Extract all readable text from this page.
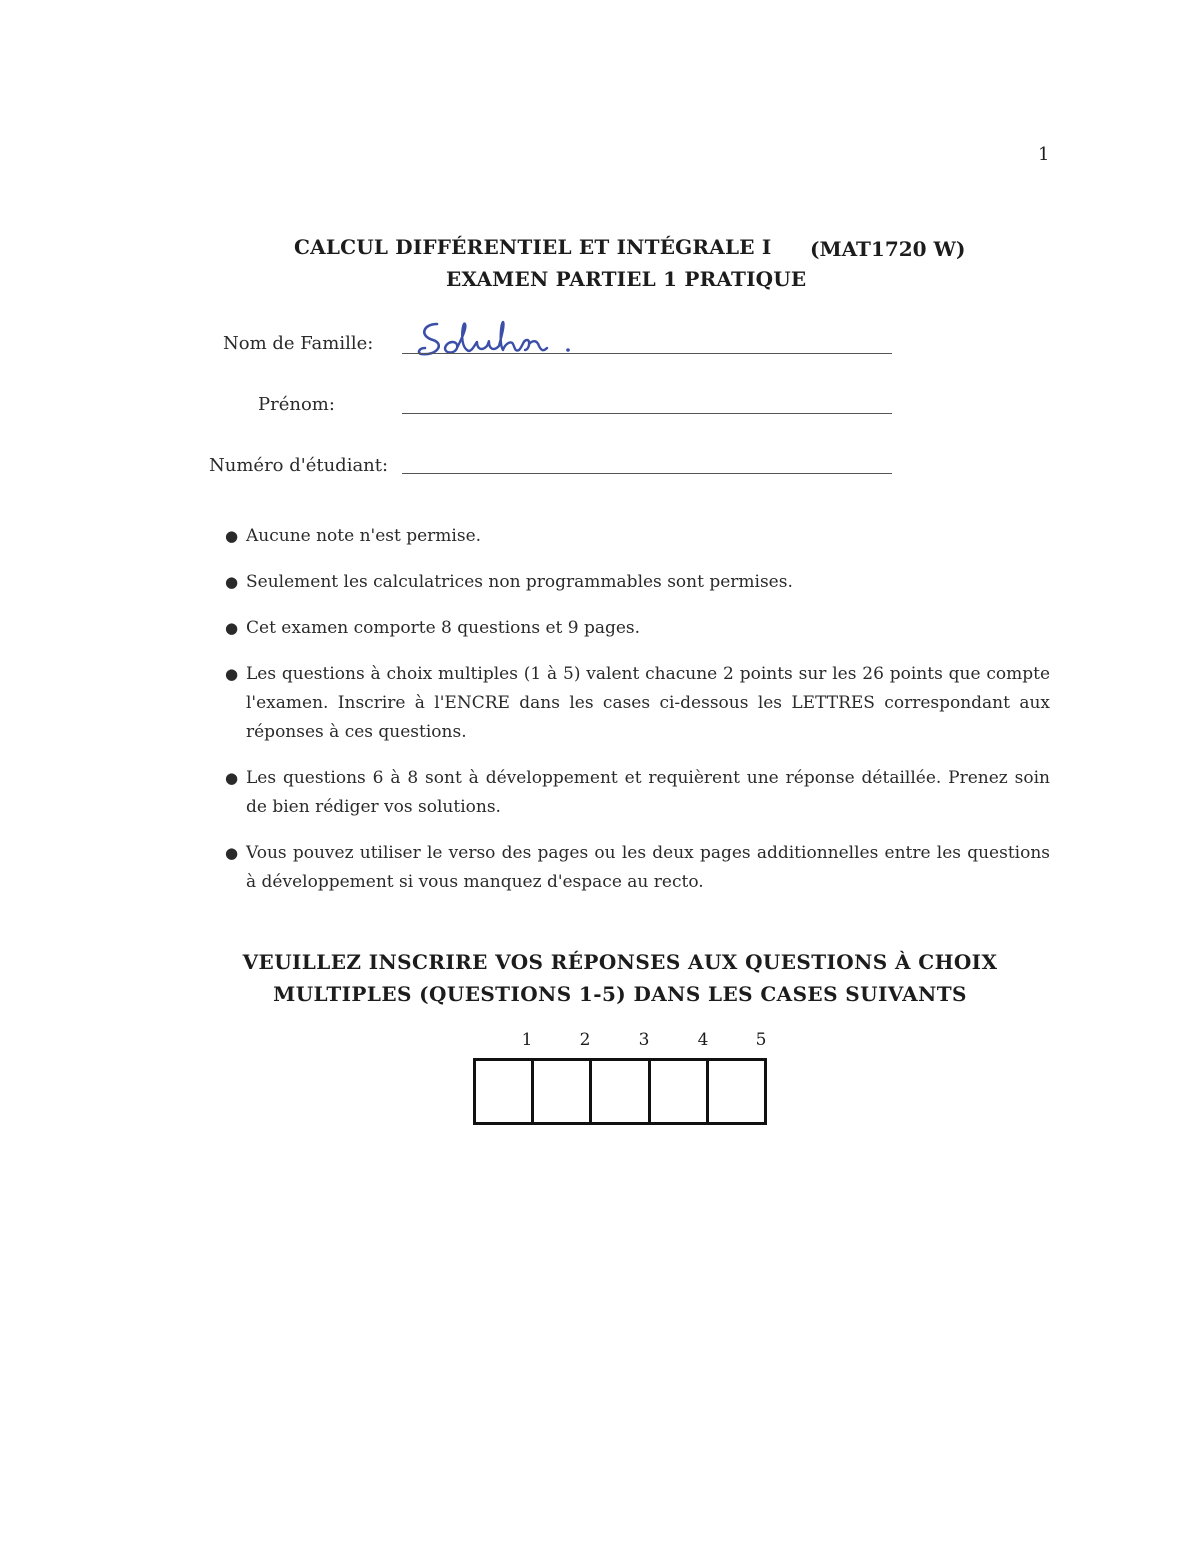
1
CALCUL DIFFÉRENTIEL ET INTÉGRALE I (MAT1720 W)
EXAMEN PARTIEL 1 PRATIQUE
Nom de Famille:
Prénom:
Numéro d'étudiant:
● Aucune note n'est permise.
● Seulement les calculatrices non programmables sont permises.
● Cet examen comporte 8 questions et 9 pages.
● Les questions à choix multiples (1 à 5) valent chacune 2 points sur les 26 points que compte l'examen. Inscrire à l'ENCRE dans les cases ci-dessous les LETTRES correspondant aux réponses à ces questions.
● Les questions 6 à 8 sont à développement et requièrent une réponse détaillée. Prenez soin de bien rédiger vos solutions.
● Vous pouvez utiliser le verso des pages ou les deux pages additionnelles entre les questions à développement si vous manquez d'espace au recto.
VEUILLEZ INSCRIRE VOS RÉPONSES AUX QUESTIONS À CHOIX
MULTIPLES (QUESTIONS 1-5) DANS LES CASES SUIVANTS
1	2	3	4	5
